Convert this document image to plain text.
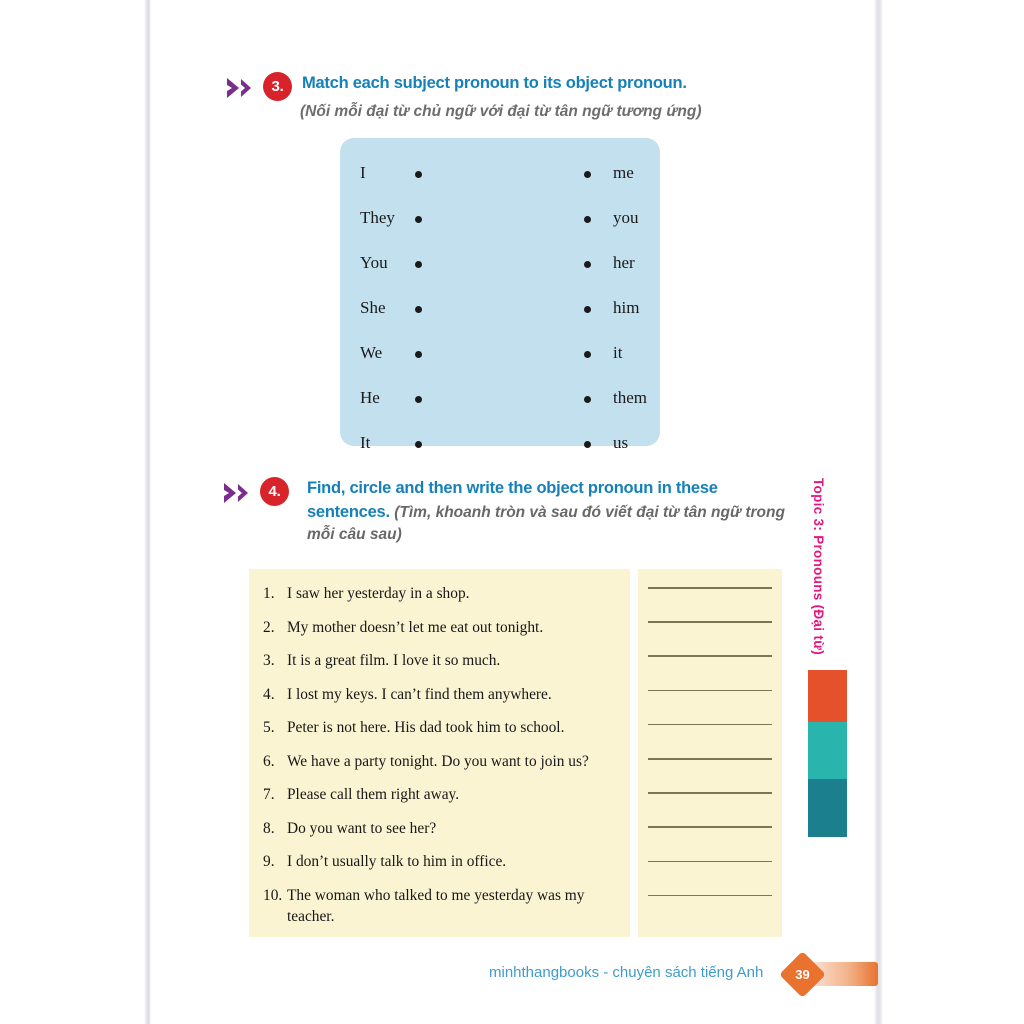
3.	Match each subject pronoun to its object pronoun.
(Nối mỗi đại từ chủ ngữ với đại từ tân ngữ tương ứng)
I	me
They	you
You	her
She	him
We	it
He	them
It	us
4.	Find, circle and then write the object pronoun in these sentences. (Tìm, khoanh tròn và sau đó viết đại từ tân ngữ trong mỗi câu sau)
1. I saw her yesterday in a shop.
2. My mother doesn’t let me eat out tonight.
3. It is a great film. I love it so much.
4. I lost my keys. I can’t find them anywhere.
5. Peter is not here. His dad took him to school.
6. We have a party tonight. Do you want to join us?
7. Please call them right away.
8. Do you want to see her?
9. I don’t usually talk to him in office.
10. The woman who talked to me yesterday was my teacher.
Topic 3: Pronouns (Đại từ)
minhthangbooks - chuyên sách tiếng Anh	39
